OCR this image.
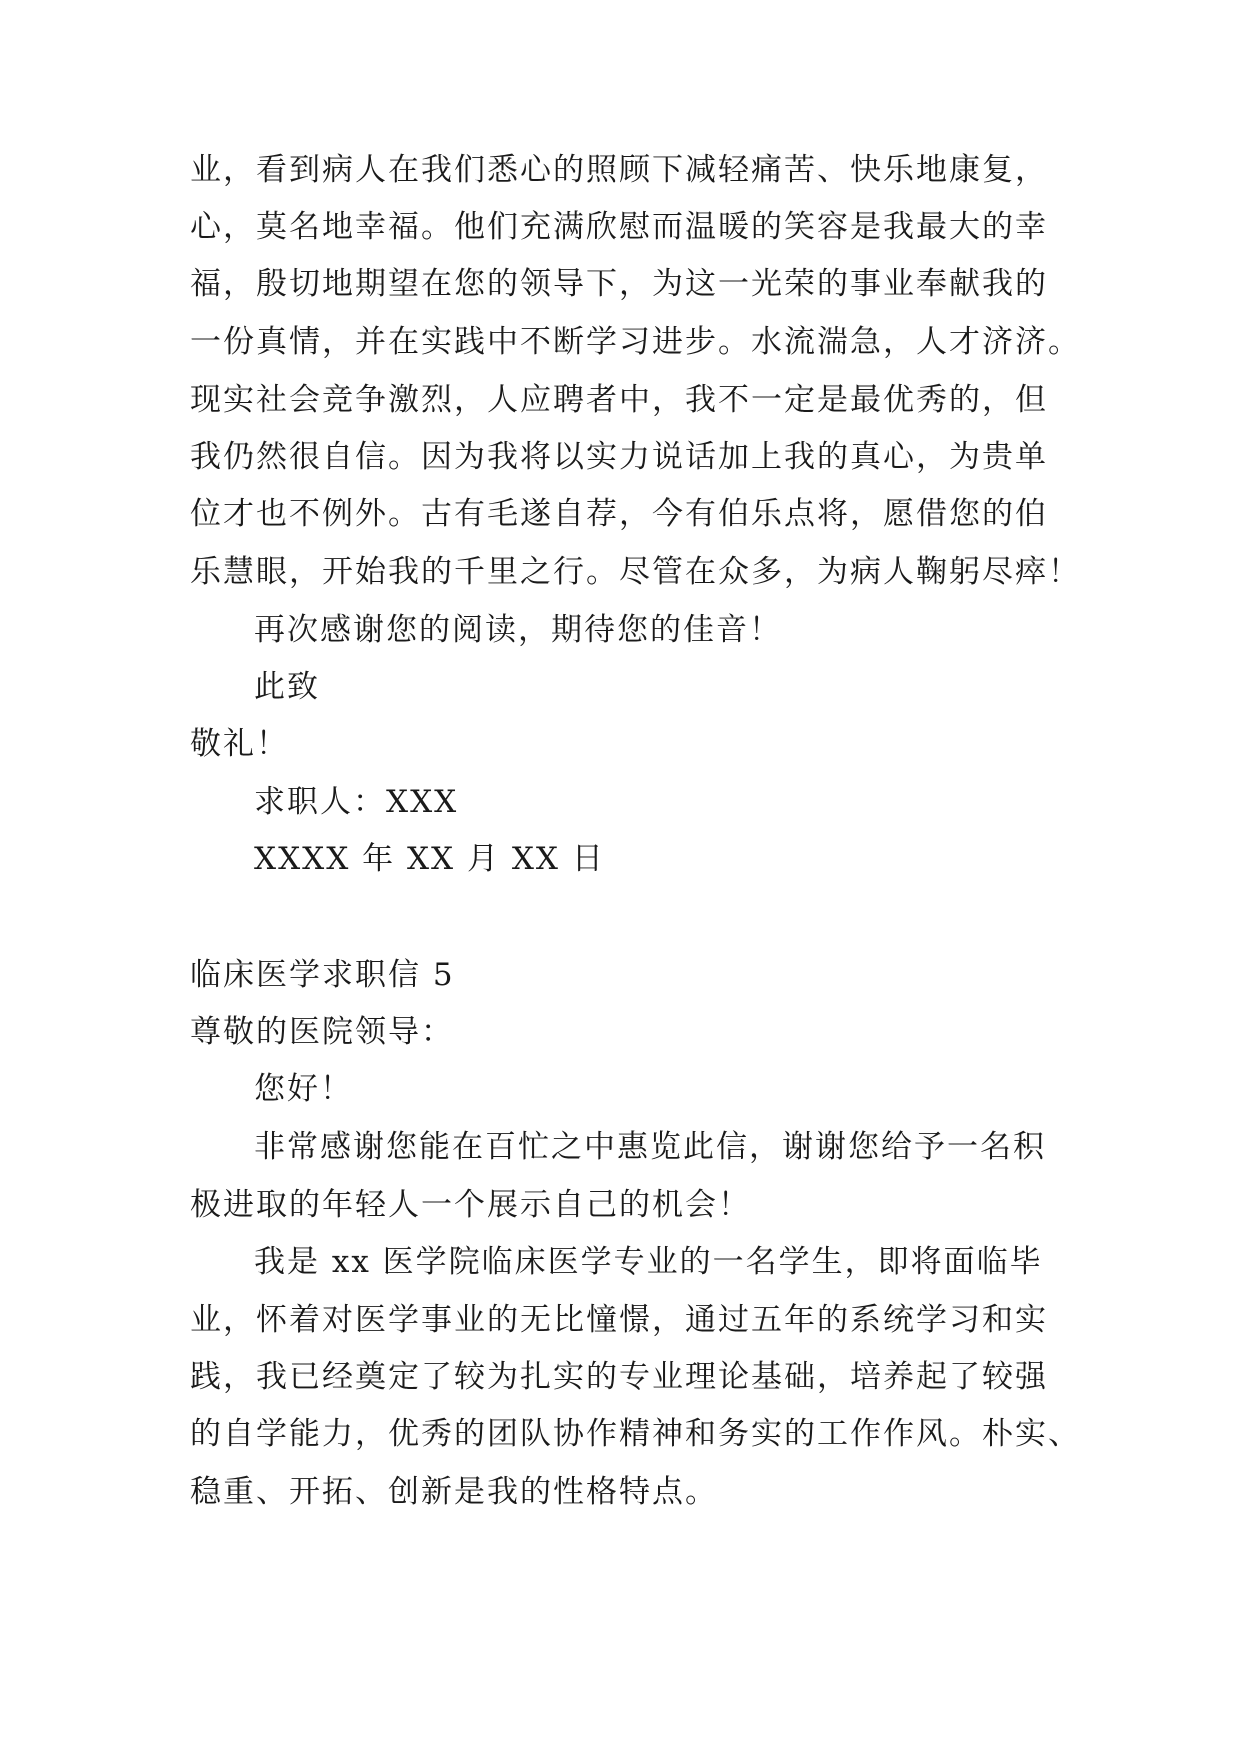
业，看到病人在我们悉心的照顾下减轻痛苦、快乐地康复，
心，莫名地幸福。他们充满欣慰而温暖的笑容是我最大的幸
福，殷切地期望在您的领导下，为这一光荣的事业奉献我的
一份真情，并在实践中不断学习进步。水流湍急，人才济济。
现实社会竞争激烈，人应聘者中，我不一定是最优秀的，但
我仍然很自信。因为我将以实力说话加上我的真心，为贵单
位才也不例外。古有毛遂自荐，今有伯乐点将，愿借您的伯
乐慧眼，开始我的千里之行。尽管在众多，为病人鞠躬尽瘁！
再次感谢您的阅读，期待您的佳音！
此致
敬礼！
求职人：XXX
XXXX 年 XX 月 XX 日
临床医学求职信 5
尊敬的医院领导：
您好！
非常感谢您能在百忙之中惠览此信，谢谢您给予一名积
极进取的年轻人一个展示自己的机会！
我是 xx 医学院临床医学专业的一名学生，即将面临毕
业，怀着对医学事业的无比憧憬，通过五年的系统学习和实
践，我已经奠定了较为扎实的专业理论基础，培养起了较强
的自学能力，优秀的团队协作精神和务实的工作作风。朴实、
稳重、开拓、创新是我的性格特点。
